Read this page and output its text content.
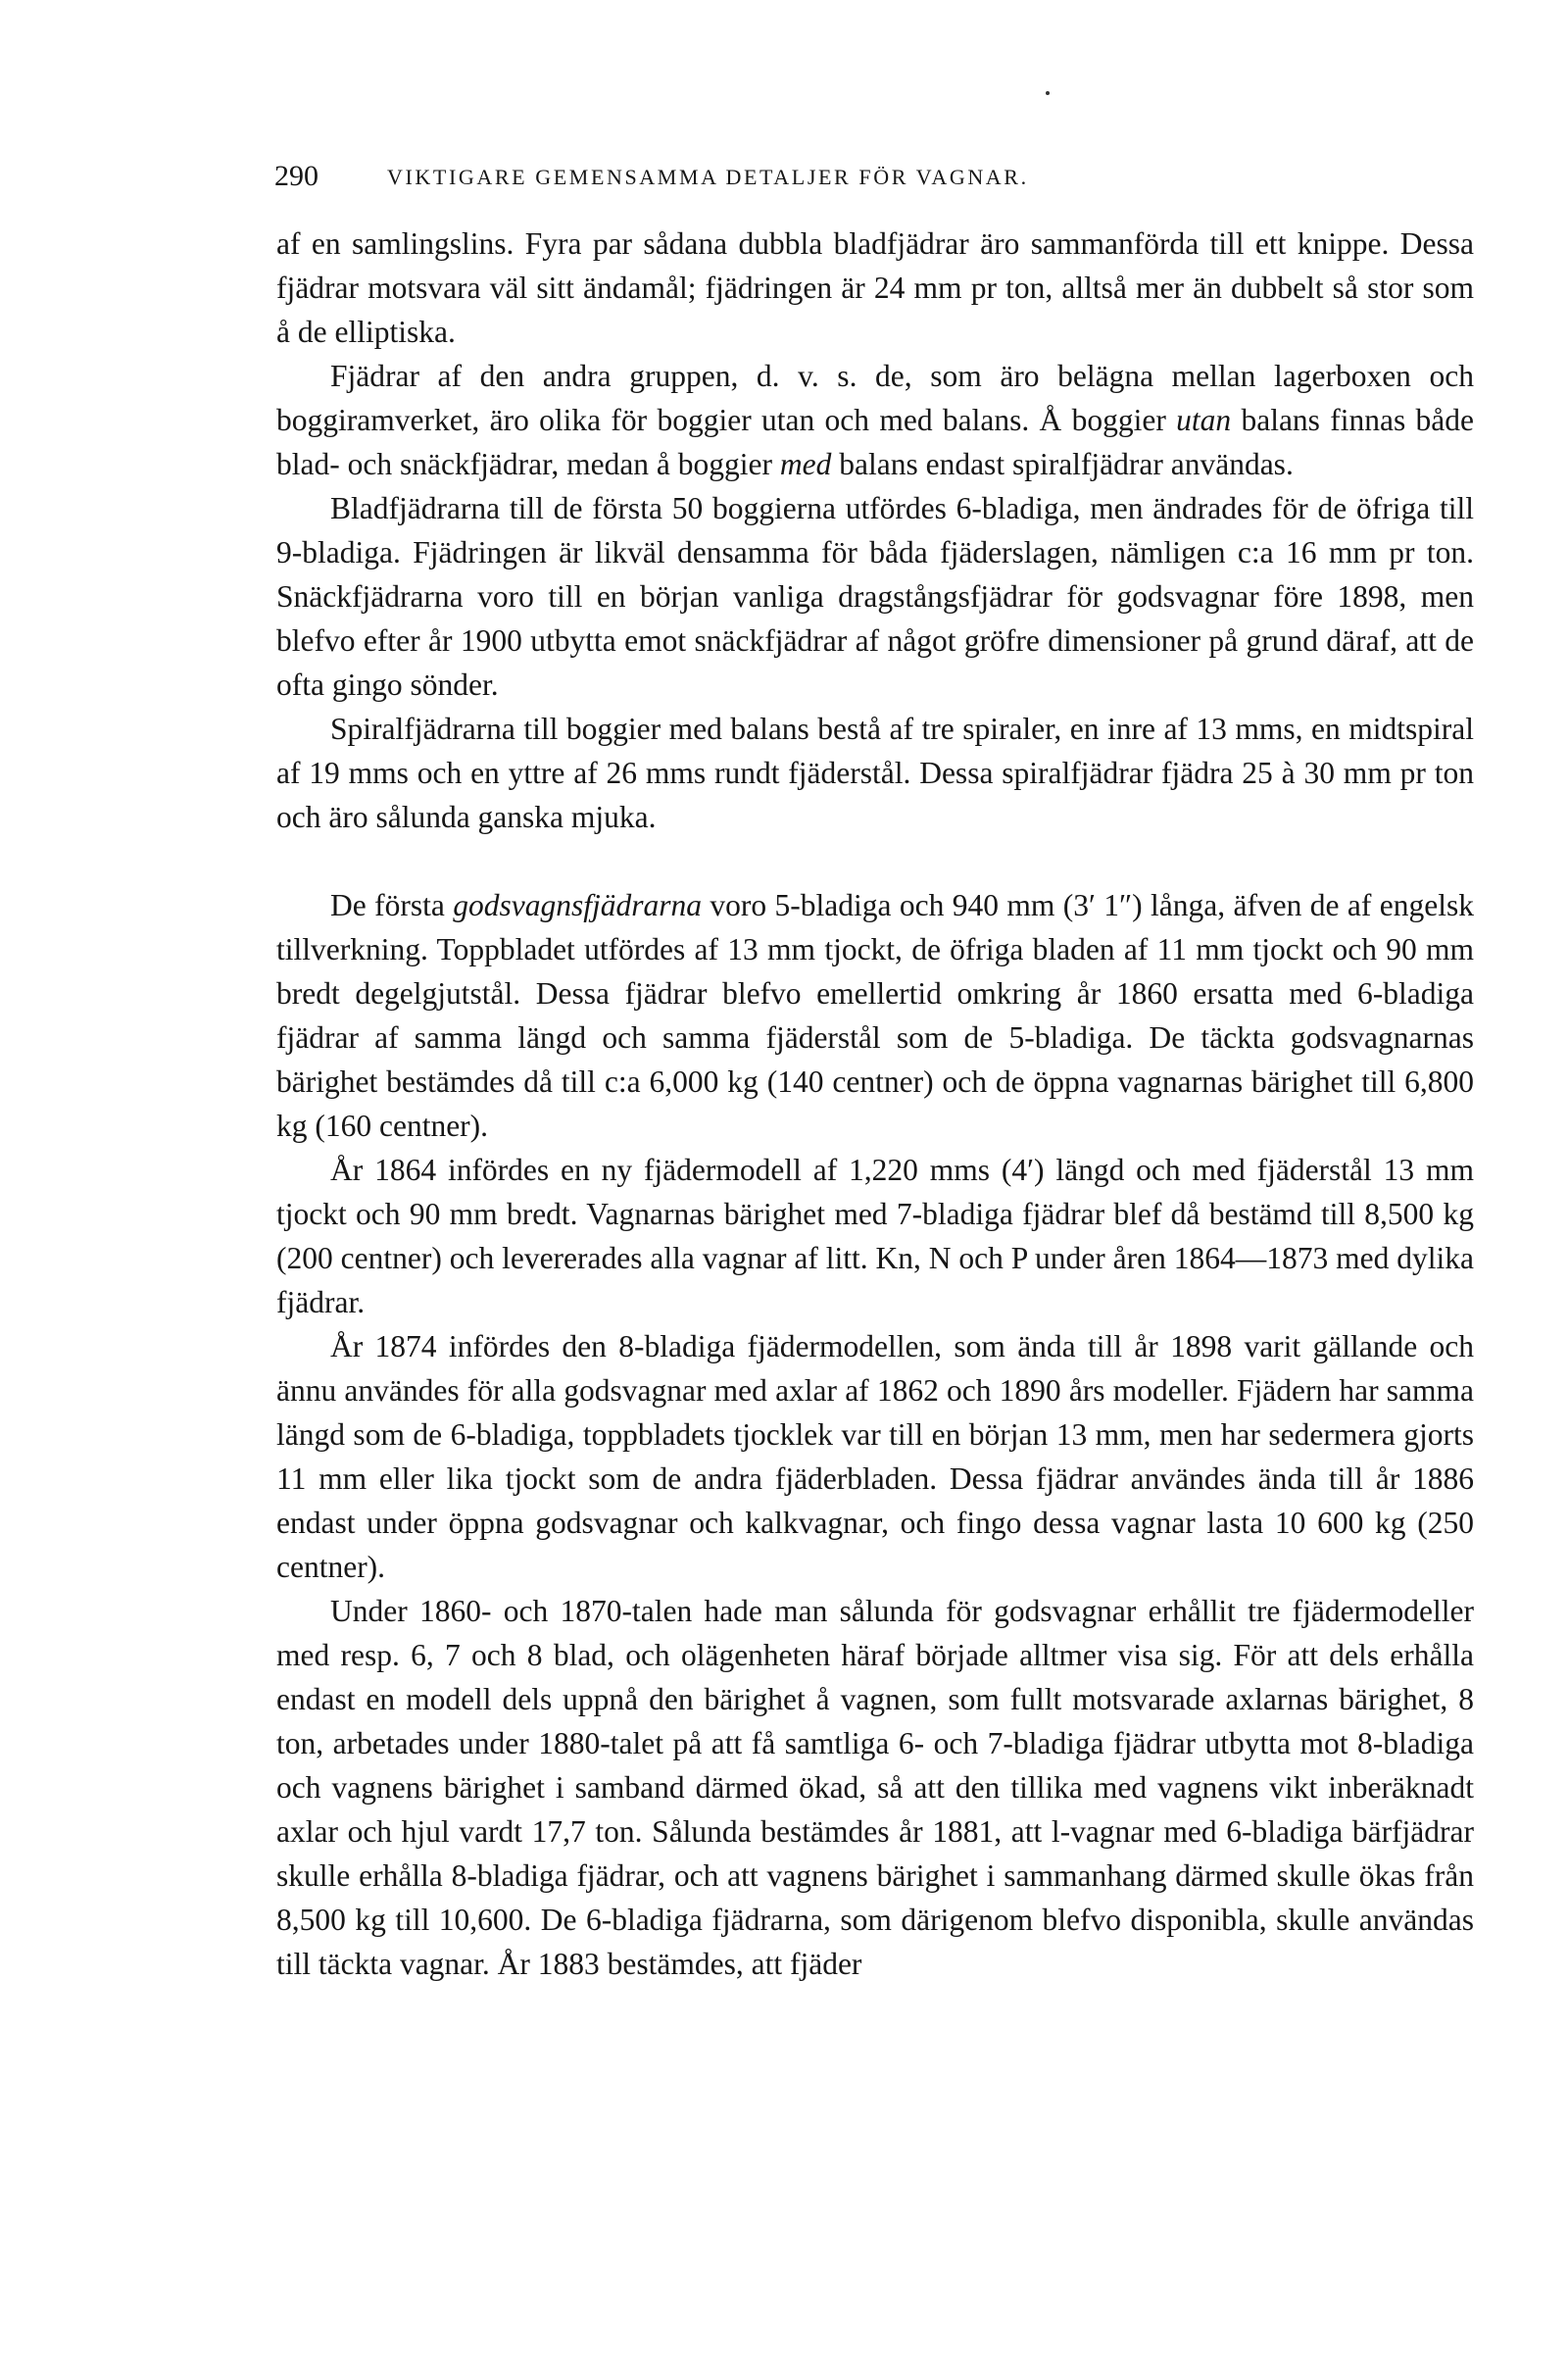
290	VIKTIGARE GEMENSAMMA DETALJER FÖR VAGNAR.

af en samlingslins. Fyra par sådana dubbla bladfjädrar äro sammanförda till ett knippe. Dessa fjädrar motsvara väl sitt ändamål; fjädringen är 24 mm pr ton, alltså mer än dubbelt så stor som å de elliptiska.

Fjädrar af den andra gruppen, d. v. s. de, som äro belägna mellan lagerboxen och boggiramverket, äro olika för boggier utan och med balans. Å boggier utan balans finnas både blad- och snäckfjädrar, medan å boggier med balans endast spiralfjädrar användas.

Bladfjädrarna till de första 50 boggierna utfördes 6-bladiga, men ändrades för de öfriga till 9-bladiga. Fjädringen är likväl densamma för båda fjäderslagen, nämligen c:a 16 mm pr ton. Snäckfjädrarna voro till en början vanliga dragstångsfjädrar för godsvagnar före 1898, men blefvo efter år 1900 utbytta emot snäckfjädrar af något gröfre dimensioner på grund däraf, att de ofta gingo sönder.

Spiralfjädrarna till boggier med balans bestå af tre spiraler, en inre af 13 mms, en midtspiral af 19 mms och en yttre af 26 mms rundt fjäderstål. Dessa spiralfjädrar fjädra 25 à 30 mm pr ton och äro sålunda ganska mjuka.

De första godsvagnsfjädrarna voro 5-bladiga och 940 mm (3′ 1″) långa, äfven de af engelsk tillverkning. Toppbladet utfördes af 13 mm tjockt, de öfriga bladen af 11 mm tjockt och 90 mm bredt degelgjutstål. Dessa fjädrar blefvo emellertid omkring år 1860 ersatta med 6-bladiga fjädrar af samma längd och samma fjäderstål som de 5-bladiga. De täckta godsvagnarnas bärighet bestämdes då till c:a 6,000 kg (140 centner) och de öppna vagnarnas bärighet till 6,800 kg (160 centner).

År 1864 infördes en ny fjädermodell af 1,220 mms (4′) längd och med fjäderstål 13 mm tjockt och 90 mm bredt. Vagnarnas bärighet med 7-bladiga fjädrar blef då bestämd till 8,500 kg (200 centner) och levererades alla vagnar af litt. Kn, N och P under åren 1864—1873 med dylika fjädrar.

År 1874 infördes den 8-bladiga fjädermodellen, som ända till år 1898 varit gällande och ännu användes för alla godsvagnar med axlar af 1862 och 1890 års modeller. Fjädern har samma längd som de 6-bladiga, toppbladets tjocklek var till en början 13 mm, men har sedermera gjorts 11 mm eller lika tjockt som de andra fjäderbladen. Dessa fjädrar användes ända till år 1886 endast under öppna godsvagnar och kalkvagnar, och fingo dessa vagnar lasta 10 600 kg (250 centner).

Under 1860- och 1870-talen hade man sålunda för godsvagnar erhållit tre fjädermodeller med resp. 6, 7 och 8 blad, och olägenheten häraf började alltmer visa sig. För att dels erhålla endast en modell dels uppnå den bärighet å vagnen, som fullt motsvarade axlarnas bärighet, 8 ton, arbetades under 1880-talet på att få samtliga 6- och 7-bladiga fjädrar utbytta mot 8-bladiga och vagnens bärighet i samband därmed ökad, så att den tillika med vagnens vikt inberäknadt axlar och hjul vardt 17,7 ton. Sålunda bestämdes år 1881, att l-vagnar med 6-bladiga bärfjädrar skulle erhålla 8-bladiga fjädrar, och att vagnens bärighet i sammanhang därmed skulle ökas från 8,500 kg till 10,600. De 6-bladiga fjädrarna, som därigenom blefvo disponibla, skulle användas till täckta vagnar. År 1883 bestämdes, att fjäder
